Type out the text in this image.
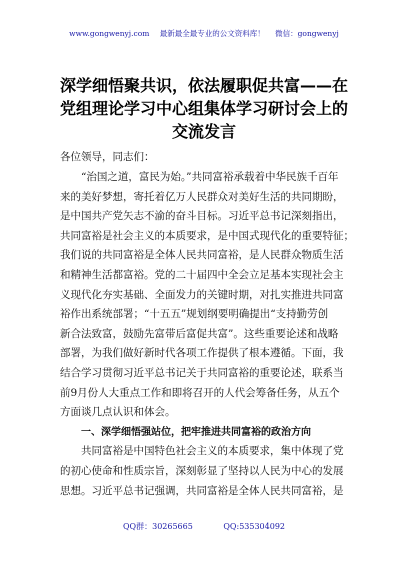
www.gongwenyj.com 最新最全最专业的公文资料库！ 微信：gongwenyj
深学细悟聚共识，依法履职促共富——在
党组理论学习中心组集体学习研讨会上的
交流发言
各位领导，同志们：
“治国之道，富民为始。”共同富裕承载着中华民族千百年
来的美好梦想，寄托着亿万人民群众对美好生活的共同期盼，
是中国共产党矢志不渝的奋斗目标。习近平总书记深刻指出，
共同富裕是社会主义的本质要求，是中国式现代化的重要特征；
我们说的共同富裕是全体人民共同富裕，是人民群众物质生活
和精神生活都富裕。党的二十届四中全会立足基本实现社会主
义现代化夯实基础、全面发力的关键时期，对扎实推进共同富
裕作出系统部署；“十五五”规划纲要明确提出“支持勤劳创
新合法致富，鼓励先富带后富促共富”。这些重要论述和战略
部署，为我们做好新时代各项工作提供了根本遵循。下面，我
结合学习贯彻习近平总书记关于共同富裕的重要论述，联系当
前9月份人大重点工作和即将召开的人代会筹备任务，从五个
方面谈几点认识和体会。
一、深学细悟强站位，把牢推进共同富裕的政治方向
共同富裕是中国特色社会主义的本质要求，集中体现了党
的初心使命和性质宗旨，深刻彰显了坚持以人民为中心的发展
思想。习近平总书记强调，共同富裕是全体人民共同富裕，是
QQ群：30265665	QQ:535304092
